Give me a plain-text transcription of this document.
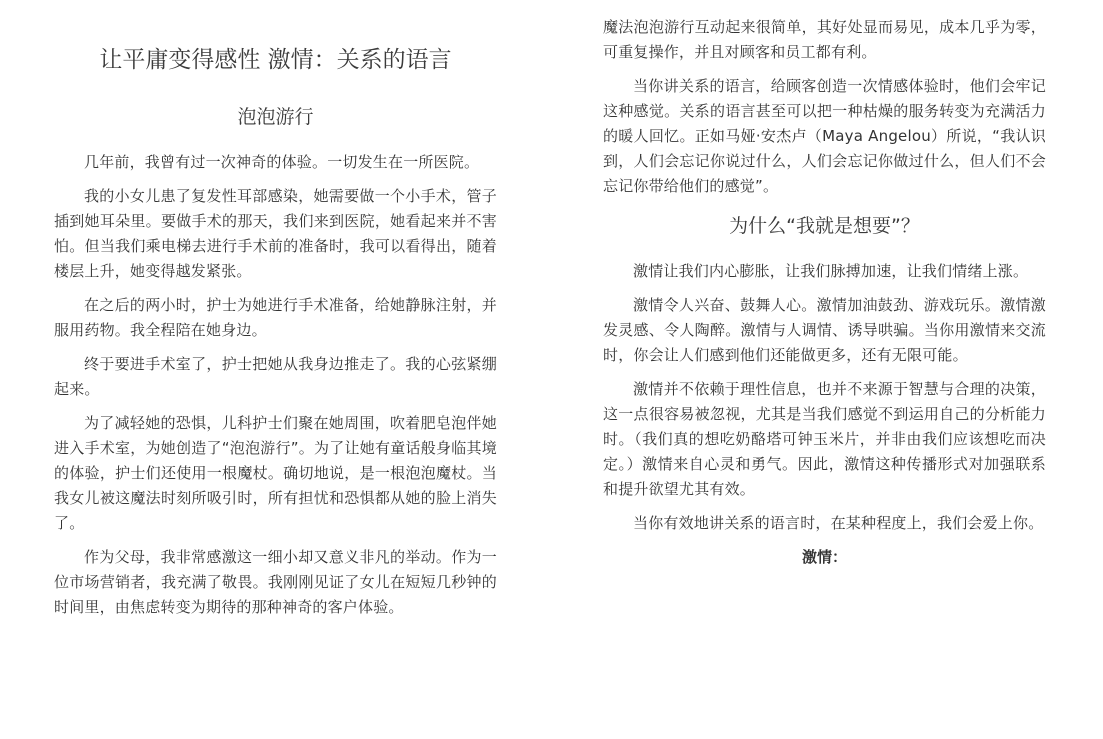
让平庸变得感性 激情：关系的语言
泡泡游行

几年前，我曾有过一次神奇的体验。一切发生在一所医院。

我的小女儿患了复发性耳部感染，她需要做一个小手术，管子插到她耳朵里。要做手术的那天，我们来到医院，她看起来并不害怕。但当我们乘电梯去进行手术前的准备时，我可以看得出，随着楼层上升，她变得越发紧张。

在之后的两小时，护士为她进行手术准备，给她静脉注射，并服用药物。我全程陪在她身边。

终于要进手术室了，护士把她从我身边推走了。我的心弦紧绷起来。

为了减轻她的恐惧，儿科护士们聚在她周围，吹着肥皂泡伴她进入手术室，为她创造了“泡泡游行”。为了让她有童话般身临其境的体验，护士们还使用一根魔杖。确切地说，是一根泡泡魔杖。当我女儿被这魔法时刻所吸引时，所有担忧和恐惧都从她的脸上消失了。

作为父母，我非常感激这一细小却又意义非凡的举动。作为一位市场营销者，我充满了敬畏。我刚刚见证了女儿在短短几秒钟的时间里，由焦虑转变为期待的那种神奇的客户体验。

魔法泡泡游行互动起来很简单，其好处显而易见，成本几乎为零，可重复操作，并且对顾客和员工都有利。

当你讲关系的语言，给顾客创造一次情感体验时，他们会牢记这种感觉。关系的语言甚至可以把一种枯燥的服务转变为充满活力的暖人回忆。正如马娅·安杰卢（Maya Angelou）所说，“我认识到，人们会忘记你说过什么，人们会忘记你做过什么，但人们不会忘记你带给他们的感觉”。

为什么“我就是想要”？

激情让我们内心膨胀，让我们脉搏加速，让我们情绪上涨。

激情令人兴奋、鼓舞人心。激情加油鼓劲、游戏玩乐。激情激发灵感、令人陶醉。激情与人调情、诱导哄骗。当你用激情来交流时，你会让人们感到他们还能做更多，还有无限可能。

激情并不依赖于理性信息，也并不来源于智慧与合理的决策，这一点很容易被忽视，尤其是当我们感觉不到运用自己的分析能力时。（我们真的想吃奶酪塔可钟玉米片，并非由我们应该想吃而决定。）激情来自心灵和勇气。因此，激情这种传播形式对加强联系和提升欲望尤其有效。

当你有效地讲关系的语言时，在某种程度上，我们会爱上你。

激情：
